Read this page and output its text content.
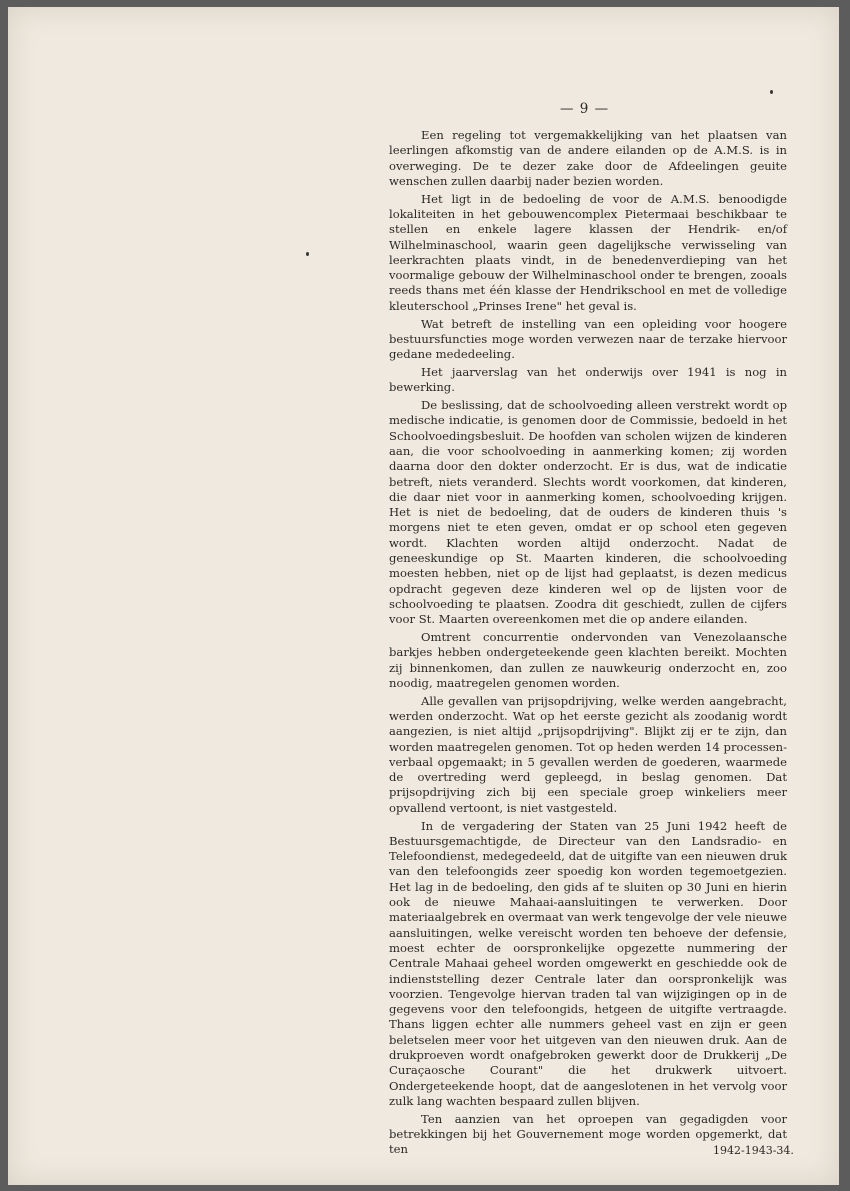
— 9 —

Een regeling tot vergemakkelijking van het plaatsen van leerlingen afkomstig van de andere eilanden op de A.M.S. is in overweging. De te dezer zake door de Afdeelingen geuite wenschen zullen daarbij nader bezien worden.

Het ligt in de bedoeling de voor de A.M.S. benoodigde lokaliteiten in het gebouwencomplex Pietermaai beschikbaar te stellen en enkele lagere klassen der Hendrik- en/of Wilhelminaschool, waarin geen dagelijksche verwisseling van leerkrachten plaats vindt, in de benedenverdieping van het voormalige gebouw der Wilhelminaschool onder te brengen, zooals reeds thans met één klasse der Hendrikschool en met de volledige kleuterschool „Prinses Irene" het geval is.

Wat betreft de instelling van een opleiding voor hoogere bestuursfuncties moge worden verwezen naar de terzake hiervoor gedane mededeeling.

Het jaarverslag van het onderwijs over 1941 is nog in bewerking.

De beslissing, dat de schoolvoeding alleen verstrekt wordt op medische indicatie, is genomen door de Commissie, bedoeld in het Schoolvoedingsbesluit. De hoofden van scholen wijzen de kinderen aan, die voor schoolvoeding in aanmerking komen; zij worden daarna door den dokter onderzocht. Er is dus, wat de indicatie betreft, niets veranderd. Slechts wordt voorkomen, dat kinderen, die daar niet voor in aanmerking komen, schoolvoeding krijgen. Het is niet de bedoeling, dat de ouders de kinderen thuis 's morgens niet te eten geven, omdat er op school eten gegeven wordt. Klachten worden altijd onderzocht. Nadat de geneeskundige op St. Maarten kinderen, die schoolvoeding moesten hebben, niet op de lijst had geplaatst, is dezen medicus opdracht gegeven deze kinderen wel op de lijsten voor de schoolvoeding te plaatsen. Zoodra dit geschiedt, zullen de cijfers voor St. Maarten overeenkomen met die op andere eilanden.

Omtrent concurrentie ondervonden van Venezolaansche barkjes hebben ondergeteekende geen klachten bereikt. Mochten zij binnenkomen, dan zullen ze nauwkeurig onderzocht en, zoo noodig, maatregelen genomen worden.

Alle gevallen van prijsopdrijving, welke werden aangebracht, werden onderzocht. Wat op het eerste gezicht als zoodanig wordt aangezien, is niet altijd „prijsopdrijving". Blijkt zij er te zijn, dan worden maatregelen genomen. Tot op heden werden 14 processen-verbaal opgemaakt; in 5 gevallen werden de goederen, waarmede de overtreding werd gepleegd, in beslag genomen. Dat prijsopdrijving zich bij een speciale groep winkeliers meer opvallend vertoont, is niet vastgesteld.

In de vergadering der Staten van 25 Juni 1942 heeft de Bestuursgemachtigde, de Directeur van den Landsradio- en Telefoondienst, medegedeeld, dat de uitgifte van een nieuwen druk van den telefoongids zeer spoedig kon worden tegemoetgezien. Het lag in de bedoeling, den gids af te sluiten op 30 Juni en hierin ook de nieuwe Mahaai-aansluitingen te verwerken. Door materiaalgebrek en overmaat van werk tengevolge der vele nieuwe aansluitingen, welke vereischt worden ten behoeve der defensie, moest echter de oorspronkelijke opgezette nummering der Centrale Mahaai geheel worden omgewerkt en geschiedde ook de indienststelling dezer Centrale later dan oorspronkelijk was voorzien. Tengevolge hiervan traden tal van wijzigingen op in de gegevens voor den telefoongids, hetgeen de uitgifte vertraagde. Thans liggen echter alle nummers geheel vast en zijn er geen beletselen meer voor het uitgeven van den nieuwen druk. Aan de drukproeven wordt onafgebroken gewerkt door de Drukkerij „De Curaçaosche Courant" die het drukwerk uitvoert. Ondergeteekende hoopt, dat de aangeslotenen in het vervolg voor zulk lang wachten bespaard zullen blijven.

Ten aanzien van het oproepen van gegadigden voor betrekkingen bij het Gouvernement moge worden opgemerkt, dat ten	1942-1943-34.
